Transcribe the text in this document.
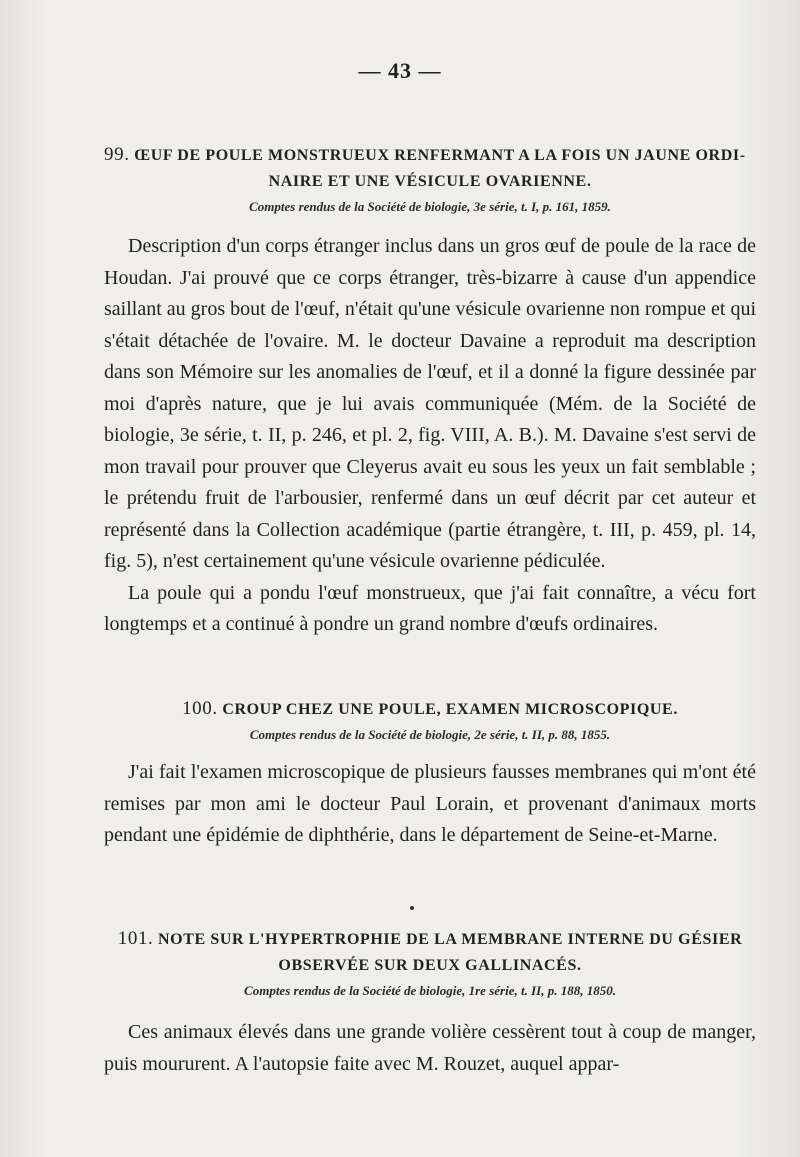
— 43 —

99. ŒUF DE POULE MONSTRUEUX RENFERMANT A LA FOIS UN JAUNE ORDI-

NAIRE ET UNE VÉSICULE OVARIENNE.

Comptes rendus de la Société de biologie, 3e série, t. I, p. 161, 1859.

Description d'un corps étranger inclus dans un gros œuf de poule de la race de Houdan. J'ai prouvé que ce corps étranger, très-bizarre à cause d'un appendice saillant au gros bout de l'œuf, n'était qu'une vésicule ovarienne non rompue et qui s'était détachée de l'ovaire. M. le docteur Davaine a reproduit ma description dans son Mémoire sur les anomalies de l'œuf, et il a donné la figure dessinée par moi d'après nature, que je lui avais communiquée (Mém. de la Société de biologie, 3e série, t. II, p. 246, et pl. 2, fig. VIII, A. B.). M. Davaine s'est servi de mon travail pour prouver que Cleyerus avait eu sous les yeux un fait semblable ; le prétendu fruit de l'arbousier, renfermé dans un œuf décrit par cet auteur et représenté dans la Collection académique (partie étrangère, t. III, p. 459, pl. 14, fig. 5), n'est certainement qu'une vésicule ovarienne pédiculée.

La poule qui a pondu l'œuf monstrueux, que j'ai fait connaître, a vécu fort longtemps et a continué à pondre un grand nombre d'œufs ordinaires.

100. CROUP CHEZ UNE POULE, EXAMEN MICROSCOPIQUE.

Comptes rendus de la Société de biologie, 2e série, t. II, p. 88, 1855.

J'ai fait l'examen microscopique de plusieurs fausses membranes qui m'ont été remises par mon ami le docteur Paul Lorain, et provenant d'animaux morts pendant une épidémie de diphthérie, dans le département de Seine-et-Marne.

101. NOTE SUR L'HYPERTROPHIE DE LA MEMBRANE INTERNE DU GÉSIER

OBSERVÉE SUR DEUX GALLINACÉS.

Comptes rendus de la Société de biologie, 1re série, t. II, p. 188, 1850.

Ces animaux élevés dans une grande volière cessèrent tout à coup de manger, puis moururent. A l'autopsie faite avec M. Rouzet, auquel appar-
